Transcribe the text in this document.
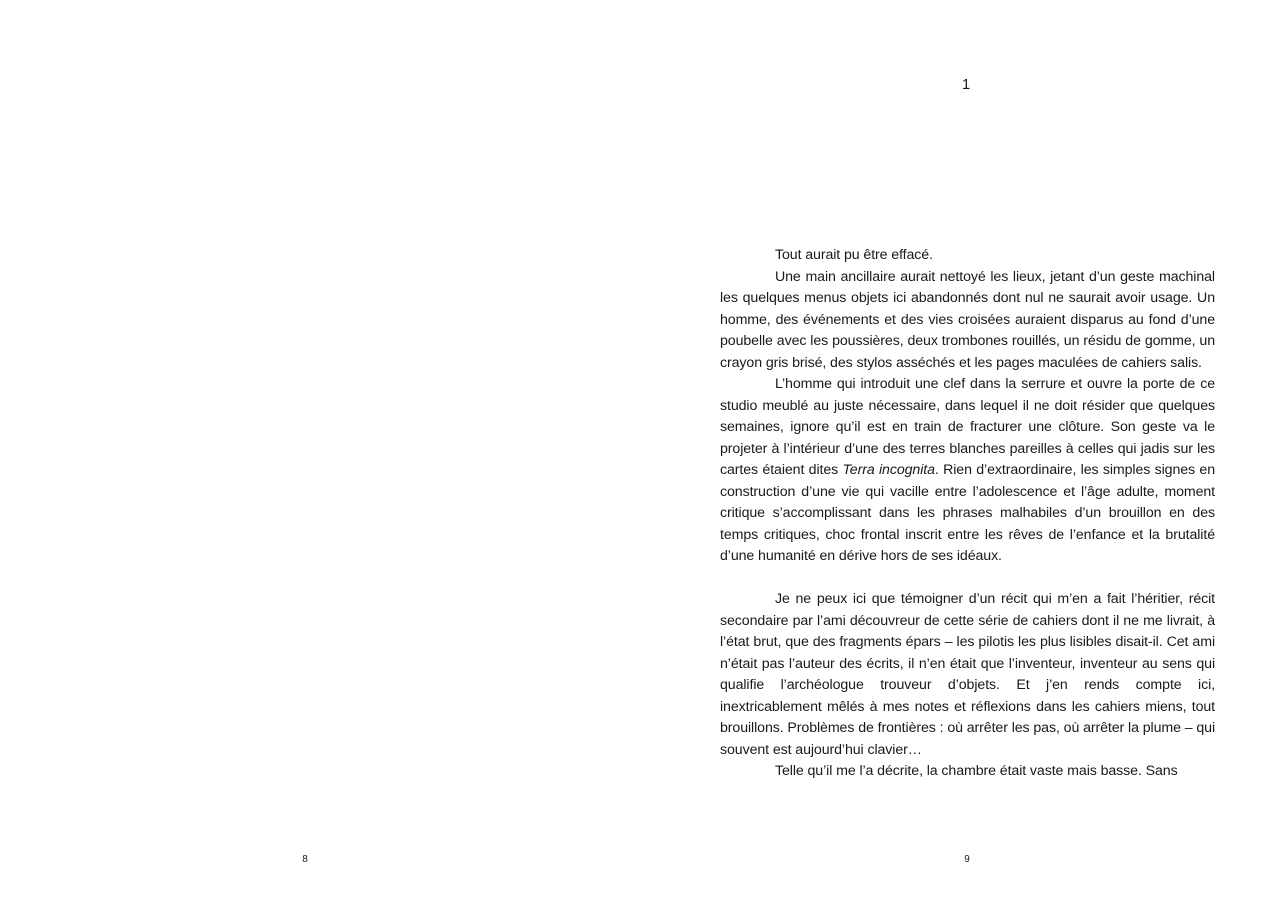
1

Tout aurait pu être effacé.

Une main ancillaire aurait nettoyé les lieux, jetant d’un geste machinal les quelques menus objets ici abandonnés dont nul ne saurait avoir usage. Un homme, des événements et des vies croisées auraient disparus au fond d’une poubelle avec les poussières, deux trombones rouillés, un résidu de gomme, un crayon gris brisé, des stylos asséchés et les pages maculées de cahiers salis.

L’homme qui introduit une clef dans la serrure et ouvre la porte de ce studio meublé au juste nécessaire, dans lequel il ne doit résider que quelques semaines, ignore qu’il est en train de fracturer une clôture. Son geste va le projeter à l’intérieur d’une des terres blanches pareilles à celles qui jadis sur les cartes étaient dites Terra incognita. Rien d’extraordinaire, les simples signes en construction d’une vie qui vacille entre l’adolescence et l’âge adulte, moment critique s’accomplissant dans les phrases malhabiles d’un brouillon en des temps critiques, choc frontal inscrit entre les rêves de l’enfance et la brutalité d’une humanité en dérive hors de ses idéaux.

Je ne peux ici que témoigner d’un récit qui m’en a fait l’héritier, récit secondaire par l’ami découvreur de cette série de cahiers dont il ne me livrait, à l’état brut, que des fragments épars – les pilotis les plus lisibles disait-il. Cet ami n’était pas l’auteur des écrits, il n’en était que l’inventeur, inventeur au sens qui qualifie l’archéologue trouveur d’objets. Et j’en rends compte ici, inextricablement mêlés à mes notes et réflexions dans les cahiers miens, tout brouillons. Problèmes de frontières : où arrêter les pas, où arrêter la plume – qui souvent est aujourd’hui clavier…

Telle qu’il me l’a décrite, la chambre était vaste mais basse. Sans

8	9
